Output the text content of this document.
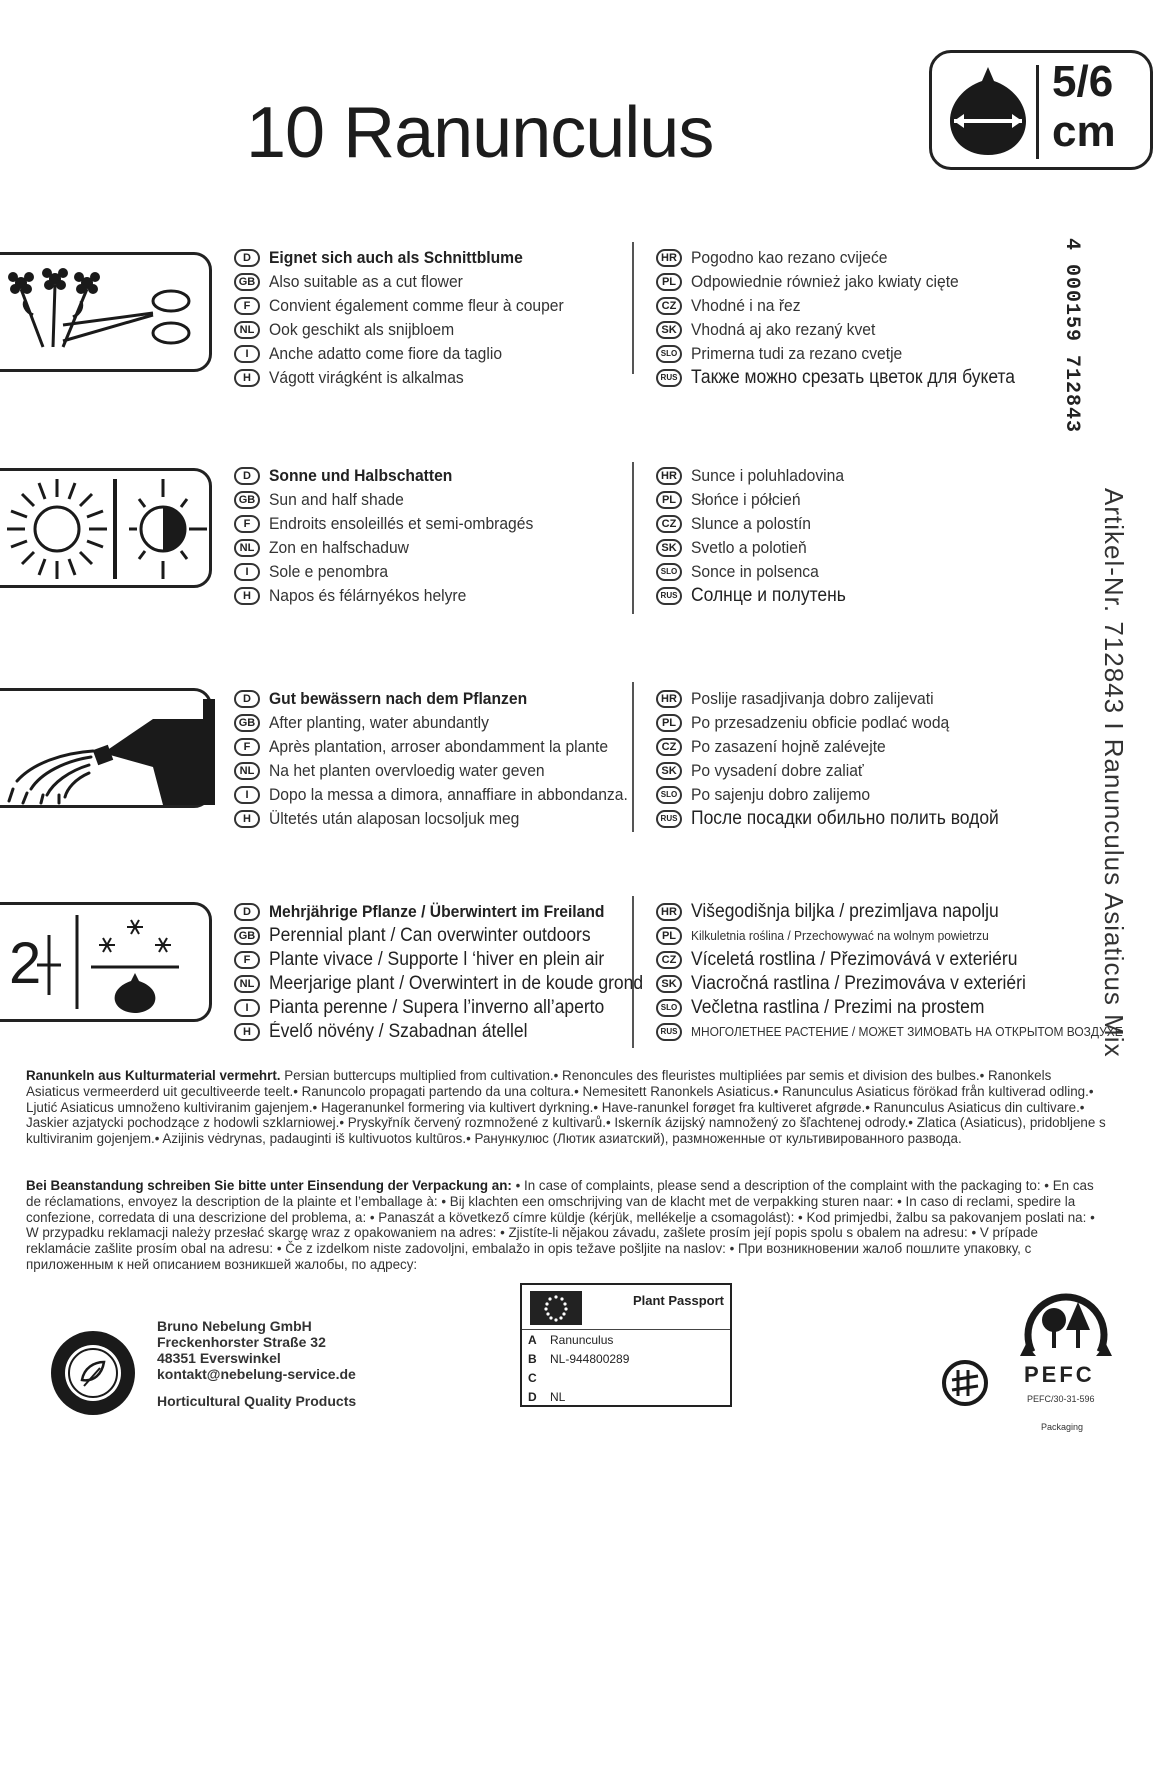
10 Ranunculus
5/6
cm
4 000159 712843
Artikel-Nr. 712843 I Ranunculus Asiaticus Mix
2
D	Eignet sich auch als Schnittblume
GB Also suitable as a cut flower
F	Convient également comme fleur à couper
NL Ook geschikt als snijbloem
I	Anche adatto come fiore da taglio
H	Vágott virágként is alkalmas
HR Pogodno kao rezano cvijeće
PL Odpowiednie również jako kwiaty cięte
CZ Vhodné i na řez
SK Vhodná aj ako rezaný kvet
SLO Primerna tudi za rezano cvetje
RUS Также можно срезать цветок для букета
D	Sonne und Halbschatten
GB Sun and half shade
F	Endroits ensoleillés et semi-ombragés
NL Zon en halfschaduw
I	Sole e penombra
H	Napos és félárnyékos helyre
HR Sunce i poluhladovina
PL Słońce i półcień
CZ Slunce a polostín
SK Svetlo a polotieň
SLO Sonce in polsenca
RUS Солнце и полутень
D	Gut bewässern nach dem Pflanzen
GB After planting, water abundantly
F	Après plantation, arroser abondamment la plante
NL Na het planten overvloedig water geven
I	Dopo la messa a dimora, annaffiare in abbondanza.
H	Ültetés után alaposan locsoljuk meg
HR Poslije rasadjivanja dobro zalijevati
PL Po przesadzeniu obficie podlać wodą
CZ Po zasazení hojně zalévejte
SK Po vysadení dobre zaliať
SLO Po sajenju dobro zalijemo
RUS После посадки обильно полить водой
D	Mehrjährige Pflanze / Überwintert im Freiland
GB Perennial plant / Can overwinter outdoors
F Plante vivace / Supporte l ‘hiver en plein air
NL Meerjarige plant / Overwintert in de koude grond
I	Pianta perenne / Supera l’inverno all’aperto
H Évelő növény / Szabadnan átellel
HR Višegodišnja biljka / prezimljava napolju
PL	Kilkuletnia roślina / Przechowywać na wolnym powietrzu
CZ Víceletá rostlina / Přezimovává v exteriéru
SK Viacročná rastlina / Prezimováva v exteriéri
SLO Večletna rastlina / Prezimi na prostem
RUS	МНОГОЛЕТНЕЕ РАСТЕНИЕ / МОЖЕТ ЗИМОВАТЬ НА ОТКРЫТОМ ВОЗДУХЕ
Ranunkeln aus Kulturmaterial vermehrt. Persian buttercups multiplied from cultivation.• Renoncules des fleuristes multipliées par semis et division des bulbes.• Ranonkels Asiaticus vermeerderd uit gecultiveerde teelt.• Ranuncolo propagati partendo da una coltura.• Nemesitett Ranonkels Asiaticus.• Ranunculus Asiaticus förökad från kultiverad odling.• Ljutić Asiaticus umnoženo kultiviranim gajenjem.• Hageranunkel formering via kultivert dyrkning.• Have-ranunkel forøget fra kultiveret afgrøde.• Ranunculus Asiaticus din cultivare.• Jaskier azjatycki pochodzące z hodowli szklarniowej.• Pryskyřník červený rozmnožené z kultivarů.• Iskerník ázijský namnožený zo šľachtenej odrody.• Zlatica (Asiaticus), pridobljene s kultiviranim gojenjem.• Azijinis vėdrynas, padauginti iš kultivuotos kultūros.• Ранункулюс (Лютик азиатский), размноженные от культивированного развода.
Bei Beanstandung schreiben Sie bitte unter Einsendung der Verpackung an: • In case of complaints, please send a description of the complaint with the packaging to: • En cas de réclamations, envoyez la description de la plainte et l’emballage à: • Bij klachten een omschrijving van de klacht met de verpakking sturen naar: • In caso di reclami, spedire la confezione, corredata di una descrizione del problema, a: • Panaszát a következő címre küldje (kérjük, mellékelje a csomagolást): • Kod primjedbi, žalbu sa pakovanjem poslati na: • W przypadku reklamacji należy przesłać skargę wraz z opakowaniem na adres: • Zjistíte-li nějakou závadu, zašlete prosím její popis spolu s obalem na adresu: • V prípade reklamácie zašlite prosím obal na adresu: • Če z izdelkom niste zadovoljni, embalažo in opis težave pošljite na naslov: • При возникновении жалоб пошлите упаковку, с приложенным к ней описанием возникшей жалобы, по адресу:
Bruno Nebelung GmbH
Freckenhorster Straße 32
48351 Everswinkel
kontakt@nebelung-service.de
Horticultural Quality Products
Plant Passport
A Ranunculus
B NL-944800289
C
D NL
PEFC
PEFC/30-31-596
Packaging
